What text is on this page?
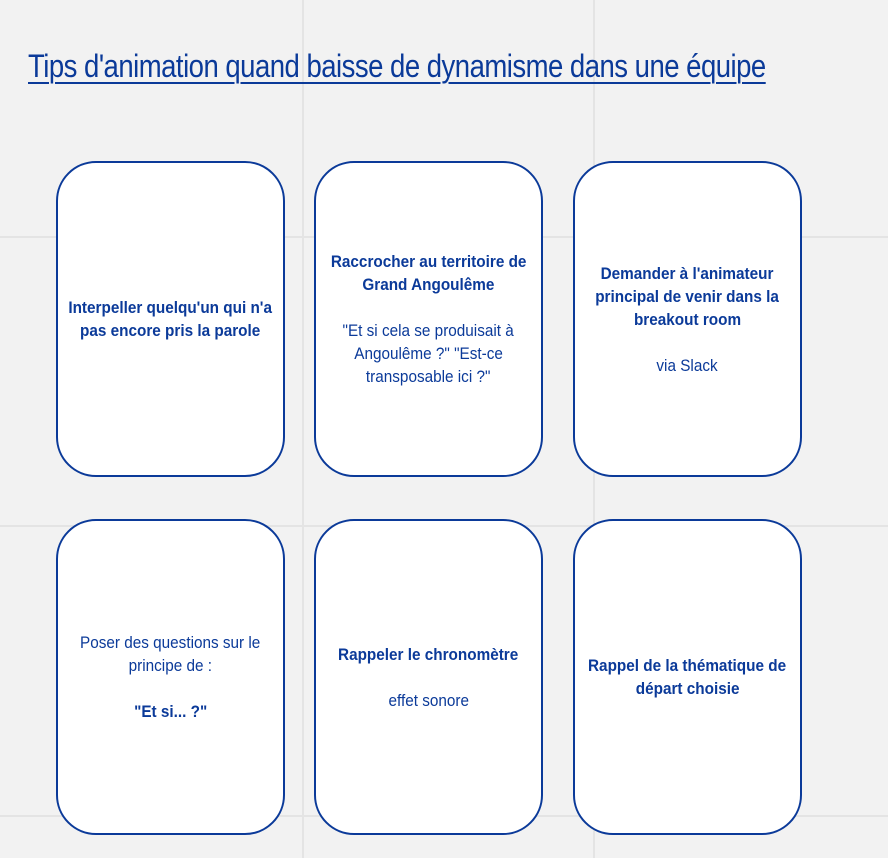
Tips d'animation quand baisse de dynamisme dans une équipe
Interpeller quelqu'un qui n'a
pas encore pris la parole
Raccrocher au territoire de
Grand Angoulême
"Et si cela se produisait à
Angoulême ?" "Est-ce
transposable ici ?"
Demander à l'animateur
principal de venir dans la
breakout room
via Slack
Poser des questions sur le
principe de :
"Et si... ?"
Rappeler le chronomètre
effet sonore
Rappel de la thématique de
départ choisie
